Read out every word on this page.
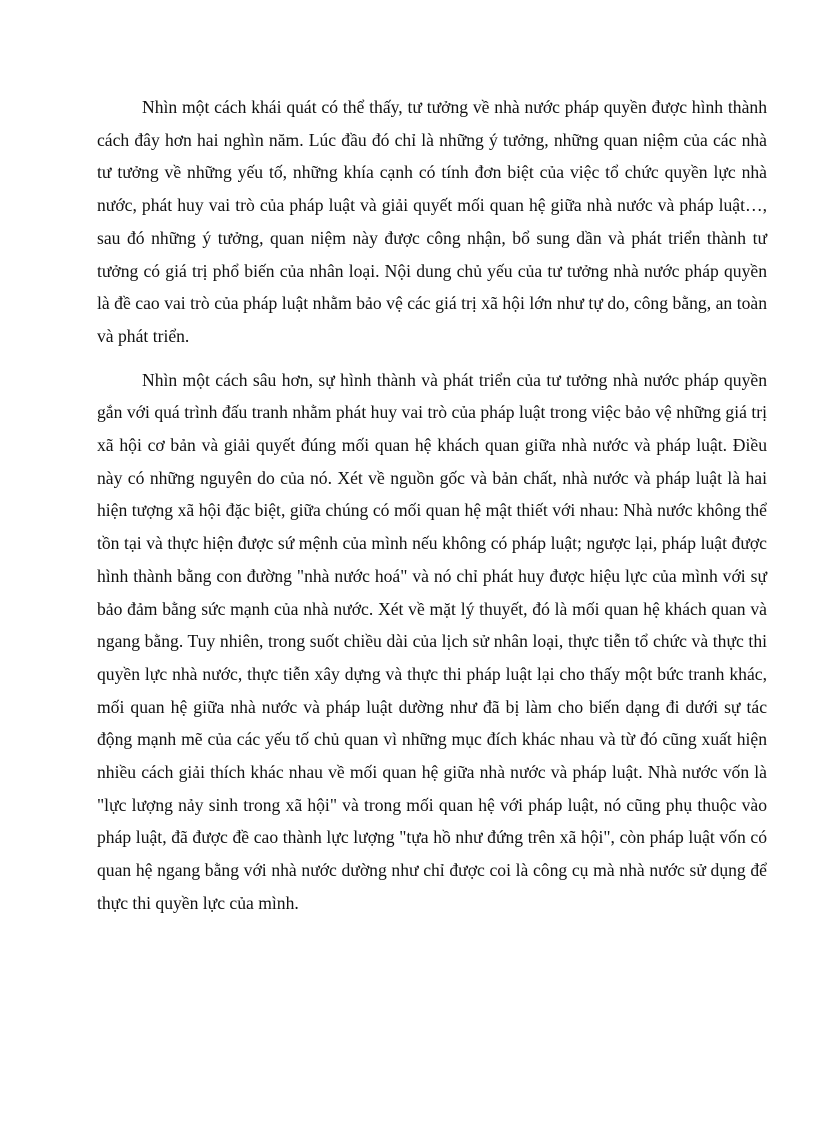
Nhìn một cách khái quát có thể thấy, tư tưởng về nhà nước pháp quyền được hình thành cách đây hơn hai nghìn năm. Lúc đầu đó chỉ là những ý tưởng, những quan niệm của các nhà tư tưởng về những yếu tố, những khía cạnh có tính đơn biệt của việc tổ chức quyền lực nhà nước, phát huy vai trò của pháp luật và giải quyết mối quan hệ giữa nhà nước và pháp luật…, sau đó những ý tưởng, quan niệm này được công nhận, bổ sung dần và phát triển thành tư tưởng có giá trị phổ biến của nhân loại. Nội dung chủ yếu của tư tưởng nhà nước pháp quyền là đề cao vai trò của pháp luật nhằm bảo vệ các giá trị xã hội lớn như tự do, công bằng, an toàn và phát triển.

Nhìn một cách sâu hơn, sự hình thành và phát triển của tư tưởng nhà nước pháp quyền gắn với quá trình đấu tranh nhằm phát huy vai trò của pháp luật trong việc bảo vệ những giá trị xã hội cơ bản và giải quyết đúng mối quan hệ khách quan giữa nhà nước và pháp luật. Điều này có những nguyên do của nó. Xét về nguồn gốc và bản chất, nhà nước và pháp luật là hai hiện tượng xã hội đặc biệt, giữa chúng có mối quan hệ mật thiết với nhau: Nhà nước không thể tồn tại và thực hiện được sứ mệnh của mình nếu không có pháp luật; ngược lại, pháp luật được hình thành bằng con đường "nhà nước hoá" và nó chỉ phát huy được hiệu lực của mình với sự bảo đảm bằng sức mạnh của nhà nước. Xét về mặt lý thuyết, đó là mối quan hệ khách quan và ngang bằng. Tuy nhiên, trong suốt chiều dài của lịch sử nhân loại, thực tiễn tổ chức và thực thi quyền lực nhà nước, thực tiễn xây dựng và thực thi pháp luật lại cho thấy một bức tranh khác, mối quan hệ giữa nhà nước và pháp luật dường như đã bị làm cho biến dạng đi dưới sự tác động mạnh mẽ của các yếu tố chủ quan vì những mục đích khác nhau và từ đó cũng xuất hiện nhiều cách giải thích khác nhau về mối quan hệ giữa nhà nước và pháp luật. Nhà nước vốn là "lực lượng nảy sinh trong xã hội" và trong mối quan hệ với pháp luật, nó cũng phụ thuộc vào pháp luật, đã được đề cao thành lực lượng "tựa hồ như đứng trên xã hội", còn pháp luật vốn có quan hệ ngang bằng với nhà nước dường như chỉ được coi là công cụ mà nhà nước sử dụng để thực thi quyền lực của mình.
